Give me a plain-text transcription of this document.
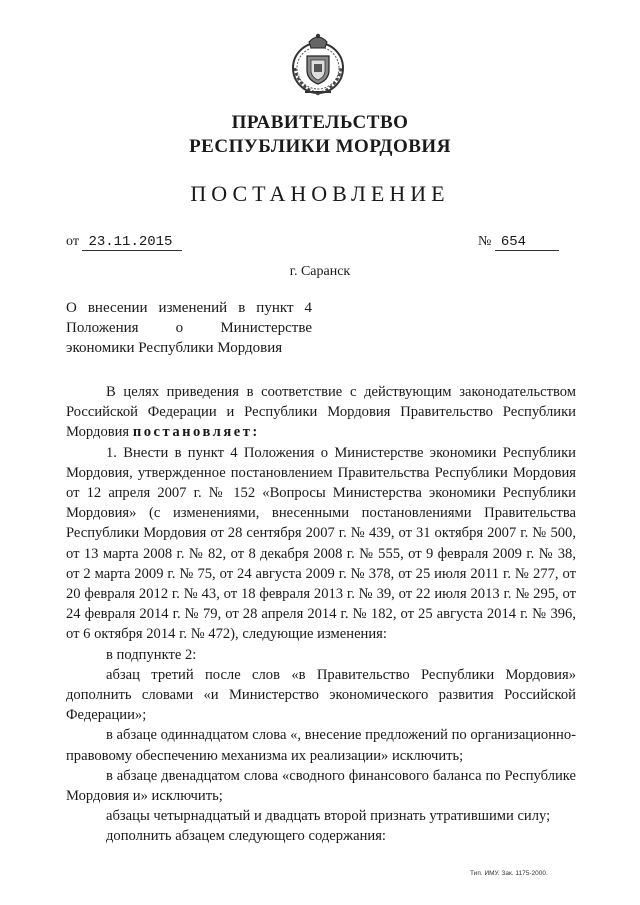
ПРАВИТЕЛЬСТВО
РЕСПУБЛИКИ МОРДОВИЯ
ПОСТАНОВЛЕНИЕ
от 23.11.2015	№ 654
г. Саранск
О внесении изменений в пункт 4
Положения о Министерстве
экономики Республики Мордовия

В целях приведения в соответствие с действующим законодательством Российской Федерации и Республики Мордовия Правительство Республики Мордовия постановляет:

1. Внести в пункт 4 Положения о Министерстве экономики Республики Мордовия, утвержденное постановлением Правительства Республики Мордовия от 12 апреля 2007 г. № 152 «Вопросы Министерства экономики Республики Мордовия» (с изменениями, внесенными постановлениями Правительства Республики Мордовия от 28 сентября 2007 г. № 439, от 31 октября 2007 г. № 500, от 13 марта 2008 г. № 82, от 8 декабря 2008 г. № 555, от 9 февраля 2009 г. № 38, от 2 марта 2009 г. № 75, от 24 августа 2009 г. № 378, от 25 июля 2011 г. № 277, от 20 февраля 2012 г. № 43, от 18 февраля 2013 г. № 39, от 22 июля 2013 г. № 295, от 24 февраля 2014 г. № 79, от 28 апреля 2014 г. № 182, от 25 августа 2014 г. № 396, от 6 октября 2014 г. № 472), следующие изменения:

в подпункте 2:

абзац третий после слов «в Правительство Республики Мордовия» дополнить словами «и Министерство экономического развития Российской Федерации»;

в абзаце одиннадцатом слова «, внесение предложений по организационно-правовому обеспечению механизма их реализации» исключить;

в абзаце двенадцатом слова «сводного финансового баланса по Республике Мордовия и» исключить;

абзацы четырнадцатый и двадцать второй признать утратившими силу;

дополнить абзацем следующего содержания:

Тип. ИМУ. Зак. 1175-2000.
